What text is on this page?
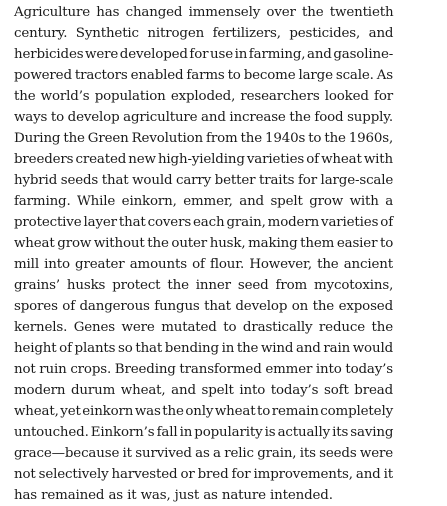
Agriculture has changed immensely over the twentieth
century. Synthetic nitrogen fertilizers, pesticides, and
herbicides were developed for use in farming, and gasoline-
powered tractors enabled farms to become large scale. As
the world’s population exploded, researchers looked for
ways to develop agriculture and increase the food supply.
During the Green Revolution from the 1940s to the 1960s,
breeders created new high-yielding varieties of wheat with
hybrid seeds that would carry better traits for large-scale
farming. While einkorn, emmer, and spelt grow with a
protective layer that covers each grain, modern varieties of
wheat grow without the outer husk, making them easier to
mill into greater amounts of flour. However, the ancient
grains’ husks protect the inner seed from mycotoxins,
spores of dangerous fungus that develop on the exposed
kernels. Genes were mutated to drastically reduce the
height of plants so that bending in the wind and rain would
not ruin crops. Breeding transformed emmer into today’s
modern durum wheat, and spelt into today’s soft bread
wheat, yet einkorn was the only wheat to remain completely
untouched. Einkorn’s fall in popularity is actually its saving
grace—because it survived as a relic grain, its seeds were
not selectively harvested or bred for improvements, and it
has remained as it was, just as nature intended.
